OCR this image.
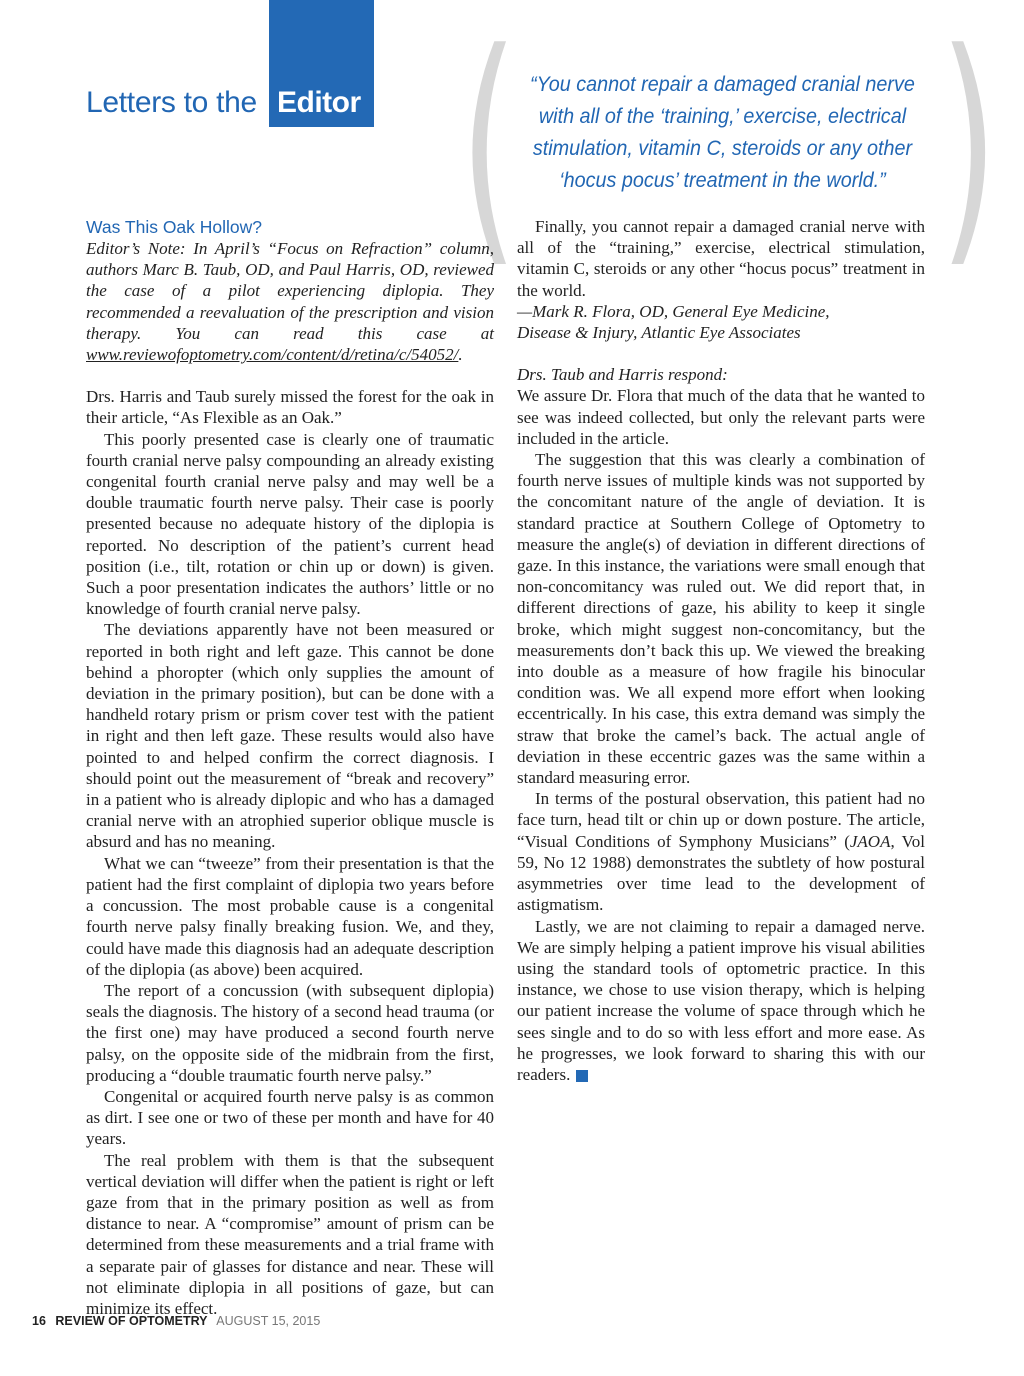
Letters to the Editor ( )
“You cannot repair a damaged cranial nerve with all of the ‘training,’ exercise, electrical stimulation, vitamin C, steroids or any other ‘hocus pocus’ treatment in the world.”
Was This Oak Hollow?

Editor’s Note: In April’s “Focus on Refraction” column, authors Marc B. Taub, OD, and Paul Harris, OD, reviewed the case of a pilot experiencing diplopia. They recommended a reevaluation of the prescription and vision therapy. You can read this case at www.reviewofoptometry.com/content/d/retina/c/54052/.

Drs. Harris and Taub surely missed the forest for the oak in their article, “As Flexible as an Oak.”

This poorly presented case is clearly one of traumatic fourth cranial nerve palsy compounding an already existing congenital fourth cranial nerve palsy and may well be a double traumatic fourth nerve palsy. Their case is poorly presented because no adequate history of the diplopia is reported. No description of the patient’s current head position (i.e., tilt, rotation or chin up or down) is given. Such a poor presentation indicates the authors’ little or no knowledge of fourth cranial nerve palsy.

The deviations apparently have not been measured or reported in both right and left gaze. This cannot be done behind a phoropter (which only supplies the amount of deviation in the primary position), but can be done with a handheld rotary prism or prism cover test with the patient in right and then left gaze. These results would also have pointed to and helped confirm the correct diagnosis. I should point out the measurement of “break and recovery” in a patient who is already diplopic and who has a damaged cranial nerve with an atrophied superior oblique muscle is absurd and has no meaning.

What we can “tweeze” from their presentation is that the patient had the first complaint of diplopia two years before a concussion. The most probable cause is a congenital fourth nerve palsy finally breaking fusion. We, and they, could have made this diagnosis had an adequate description of the diplopia (as above) been acquired.

The report of a concussion (with subsequent diplopia) seals the diagnosis. The history of a second head trauma (or the first one) may have produced a second fourth nerve palsy, on the opposite side of the midbrain from the first, producing a “double traumatic fourth nerve palsy.”

Congenital or acquired fourth nerve palsy is as common as dirt. I see one or two of these per month and have for 40 years.

The real problem with them is that the subsequent vertical deviation will differ when the patient is right or left gaze from that in the primary position as well as from distance to near. A “compromise” amount of prism can be determined from these measurements and a trial frame with a separate pair of glasses for distance and near. These will not eliminate diplopia in all positions of gaze, but can minimize its effect.

Finally, you cannot repair a damaged cranial nerve with all of the “training,” exercise, electrical stimulation, vitamin C, steroids or any other “hocus pocus” treatment in the world.

—Mark R. Flora, OD, General Eye Medicine,

Disease & Injury, Atlantic Eye Associates

Drs. Taub and Harris respond:

We assure Dr. Flora that much of the data that he wanted to see was indeed collected, but only the relevant parts were included in the article.

The suggestion that this was clearly a combination of fourth nerve issues of multiple kinds was not supported by the concomitant nature of the angle of deviation. It is standard practice at Southern College of Optometry to measure the angle(s) of deviation in different directions of gaze. In this instance, the variations were small enough that non-concomitancy was ruled out. We did report that, in different directions of gaze, his ability to keep it single broke, which might suggest non-concomitancy, but the measurements don’t back this up. We viewed the breaking into double as a measure of how fragile his binocular condition was. We all expend more effort when looking eccentrically. In his case, this extra demand was simply the straw that broke the camel’s back. The actual angle of deviation in these eccentric gazes was the same within a standard measuring error.

In terms of the postural observation, this patient had no face turn, head tilt or chin up or down posture. The article, “Visual Conditions of Symphony Musicians” (JAOA, Vol 59, No 12 1988) demonstrates the subtlety of how postural asymmetries over time lead to the development of astigmatism.

Lastly, we are not claiming to repair a damaged nerve. We are simply helping a patient improve his visual abilities using the standard tools of optometric practice. In this instance, we chose to use vision therapy, which is helping our patient increase the volume of space through which he sees single and to do so with less effort and more ease. As he progresses, we look forward to sharing this with our readers.

16 REVIEW OF OPTOMETRY AUGUST 15, 2015
